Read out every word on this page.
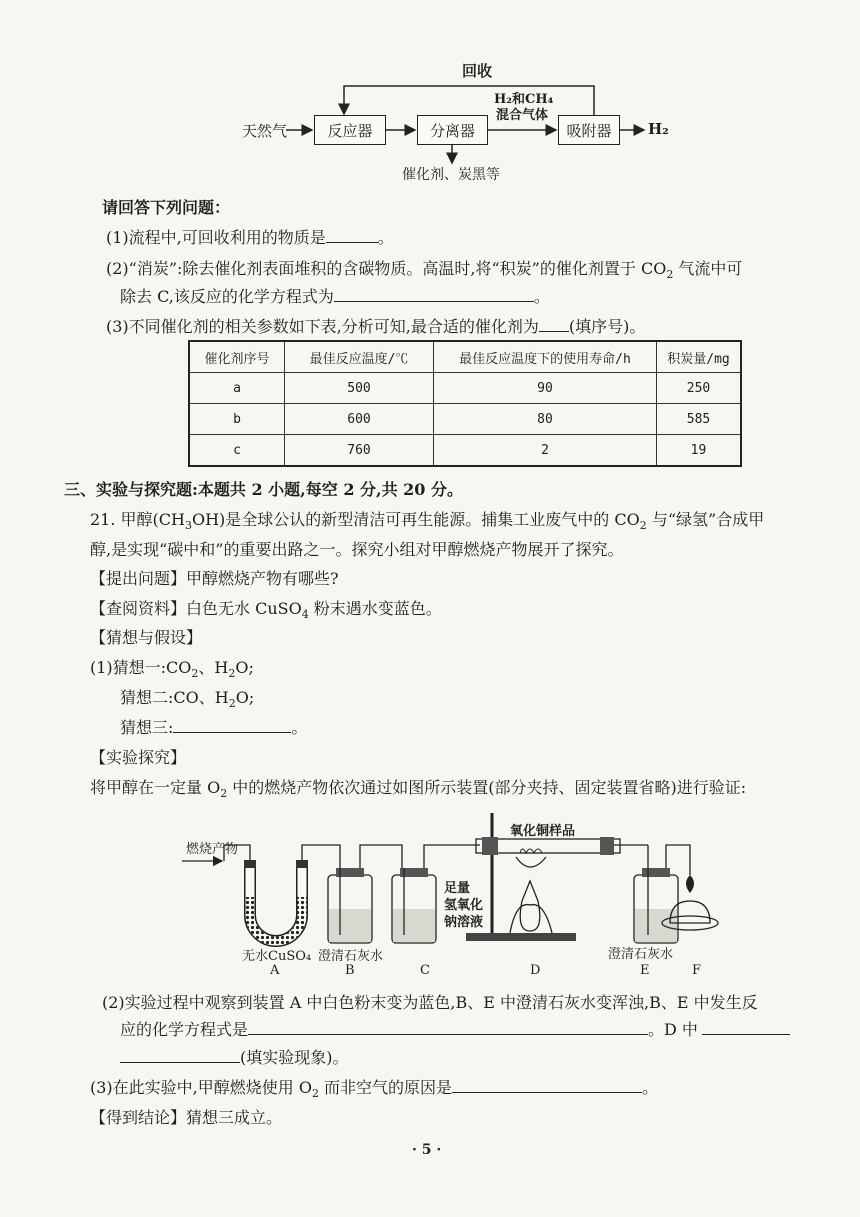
回收
天然气	反应器	分离器
H₂和CH₄
混合气体
吸附器	H₂
催化剂、炭黑等
请回答下列问题：
(1)流程中,可回收利用的物质是	。
(2)“消炭”:除去催化剂表面堆积的含碳物质。高温时,将“积炭”的催化剂置于 $CO_2$ 气流中可
除去 C,该反应的化学方程式为	。
(3)不同催化剂的相关参数如下表,分析可知,最合适的催化剂为 (填序号)。
催化剂序号	最佳反应温度/℃	最佳反应温度下的使用寿命/h	积炭量/mg
a	500	90	250
b	600	80	585
c	760	2	19
三、实验与探究题:本题共 2 小题,每空 2 分,共 20 分。
21. 甲醇$(CH_3OH)$是全球公认的新型清洁可再生能源。捕集工业废气中的 $CO_2$ 与“绿氢”合成甲
醇,是实现“碳中和”的重要出路之一。探究小组对甲醇燃烧产物展开了探究。
【提出问题】甲醇燃烧产物有哪些?
【查阅资料】白色无水 CuSO$_4$ 粉末遇水变蓝色。
【猜想与假设】
(1)猜想一$:CO_2$、$H_2O$;
猜想二:CO、$H_2O$;
猜想三:	。
【实验探究】
将甲醇在一定量 $O_2$ 中的燃烧产物依次通过如图所示装置(部分夹持、固定装置省略)进行验证:
燃烧产物
氧化铜样品
足量
氢氧化
钠溶液
无水CuSO₄ 澄清石灰水	澄清石灰水
A	B	C	D	E	F
(2)实验过程中观察到装置 A 中白色粉末变为蓝色,B、E 中澄清石灰水变浑浊,B、E 中发生反
应的化学方程式是	。D 中
(填实验现象)。
(3)在此实验中,甲醇燃烧使用 $O_2$ 而非空气的原因是	。
【得到结论】猜想三成立。
· 5 ·
